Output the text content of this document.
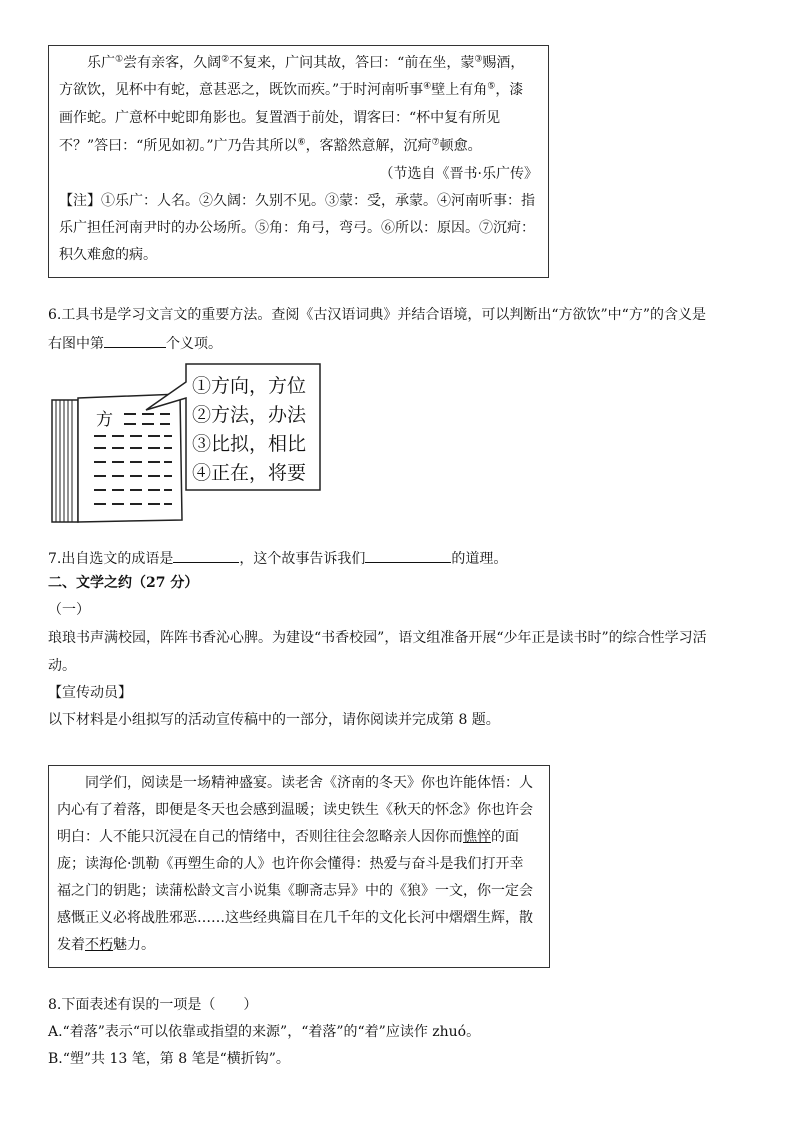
乐广①尝有亲客，久阔②不复来，广问其故，答曰：“前在坐，蒙③赐酒，
方欲饮，见杯中有蛇，意甚恶之，既饮而疾。”于时河南听事④壁上有角⑤，漆
画作蛇。广意杯中蛇即角影也。复置酒于前处，谓客曰：“杯中复有所见
不？”答曰：“所见如初。”广乃告其所以⑥，客豁然意解，沉疴⑦顿愈。
（节选自《晋书·乐广传》
【注】①乐广：人名。②久阔：久别不见。③蒙：受，承蒙。④河南听事：指
乐广担任河南尹时的办公场所。⑤角：角弓，弯弓。⑥所以：原因。⑦沉疴：
积久难愈的病。
6.工具书是学习文言文的重要方法。查阅《古汉语词典》并结合语境，可以判断出“方欲饮”中“方”的含义是
右图中第	个义项。
方
①方向，方位
②方法，办法
③比拟，相比
④正在，将要
7.出自选文的成语是	，这个故事告诉我们	的道理。
二、文学之约（27 分）
（一）
琅琅书声满校园，阵阵书香沁心脾。为建设“书香校园”，语文组准备开展“少年正是读书时”的综合性学习活
动。
【宣传动员】
以下材料是小组拟写的活动宣传稿中的一部分，请你阅读并完成第 8 题。
　　同学们，阅读是一场精神盛宴。读老舍《济南的冬天》你也许能体悟：人
内心有了着落，即便是冬天也会感到温暖；读史铁生《秋天的怀念》你也许会
明白：人不能只沉浸在自己的情绪中，否则往往会忽略亲人因你而憔悴的面
庞；读海伦·凯勒《再塑生命的人》也许你会懂得：热爱与奋斗是我们打开幸
福之门的钥匙；读蒲松龄文言小说集《聊斋志异》中的《狼》一文，你一定会
感慨正义必将战胜邪恶……这些经典篇目在几千年的文化长河中熠熠生辉，散
发着不朽魅力。
8.下面表述有误的一项是（　　）
A.“着落”表示“可以依靠或指望的来源”，“着落”的“着”应读作 zhuó。
B.“塑”共 13 笔，第 8 笔是“横折钩”。
